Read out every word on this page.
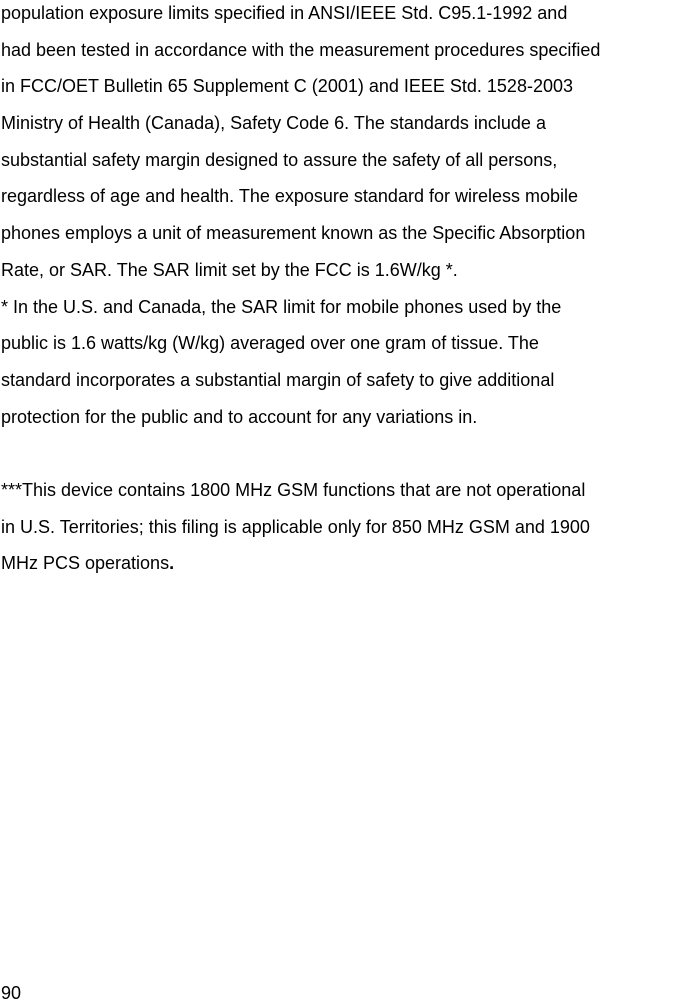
population exposure limits specified in ANSI/IEEE Std. C95.1-1992 and
had been tested in accordance with the measurement procedures specified
in FCC/OET Bulletin 65 Supplement C (2001) and IEEE Std. 1528-2003
Ministry of Health (Canada), Safety Code 6. The standards include a
substantial safety margin designed to assure the safety of all persons,
regardless of age and health. The exposure standard for wireless mobile
phones employs a unit of measurement known as the Specific Absorption
Rate, or SAR. The SAR limit set by the FCC is 1.6W/kg *.
* In the U.S. and Canada, the SAR limit for mobile phones used by the
public is 1.6 watts/kg (W/kg) averaged over one gram of tissue. The
standard incorporates a substantial margin of safety to give additional
protection for the public and to account for any variations in.
***This device contains 1800 MHz GSM functions that are not operational
in U.S. Territories; this filing is applicable only for 850 MHz GSM and 1900
MHz PCS operations.
90
